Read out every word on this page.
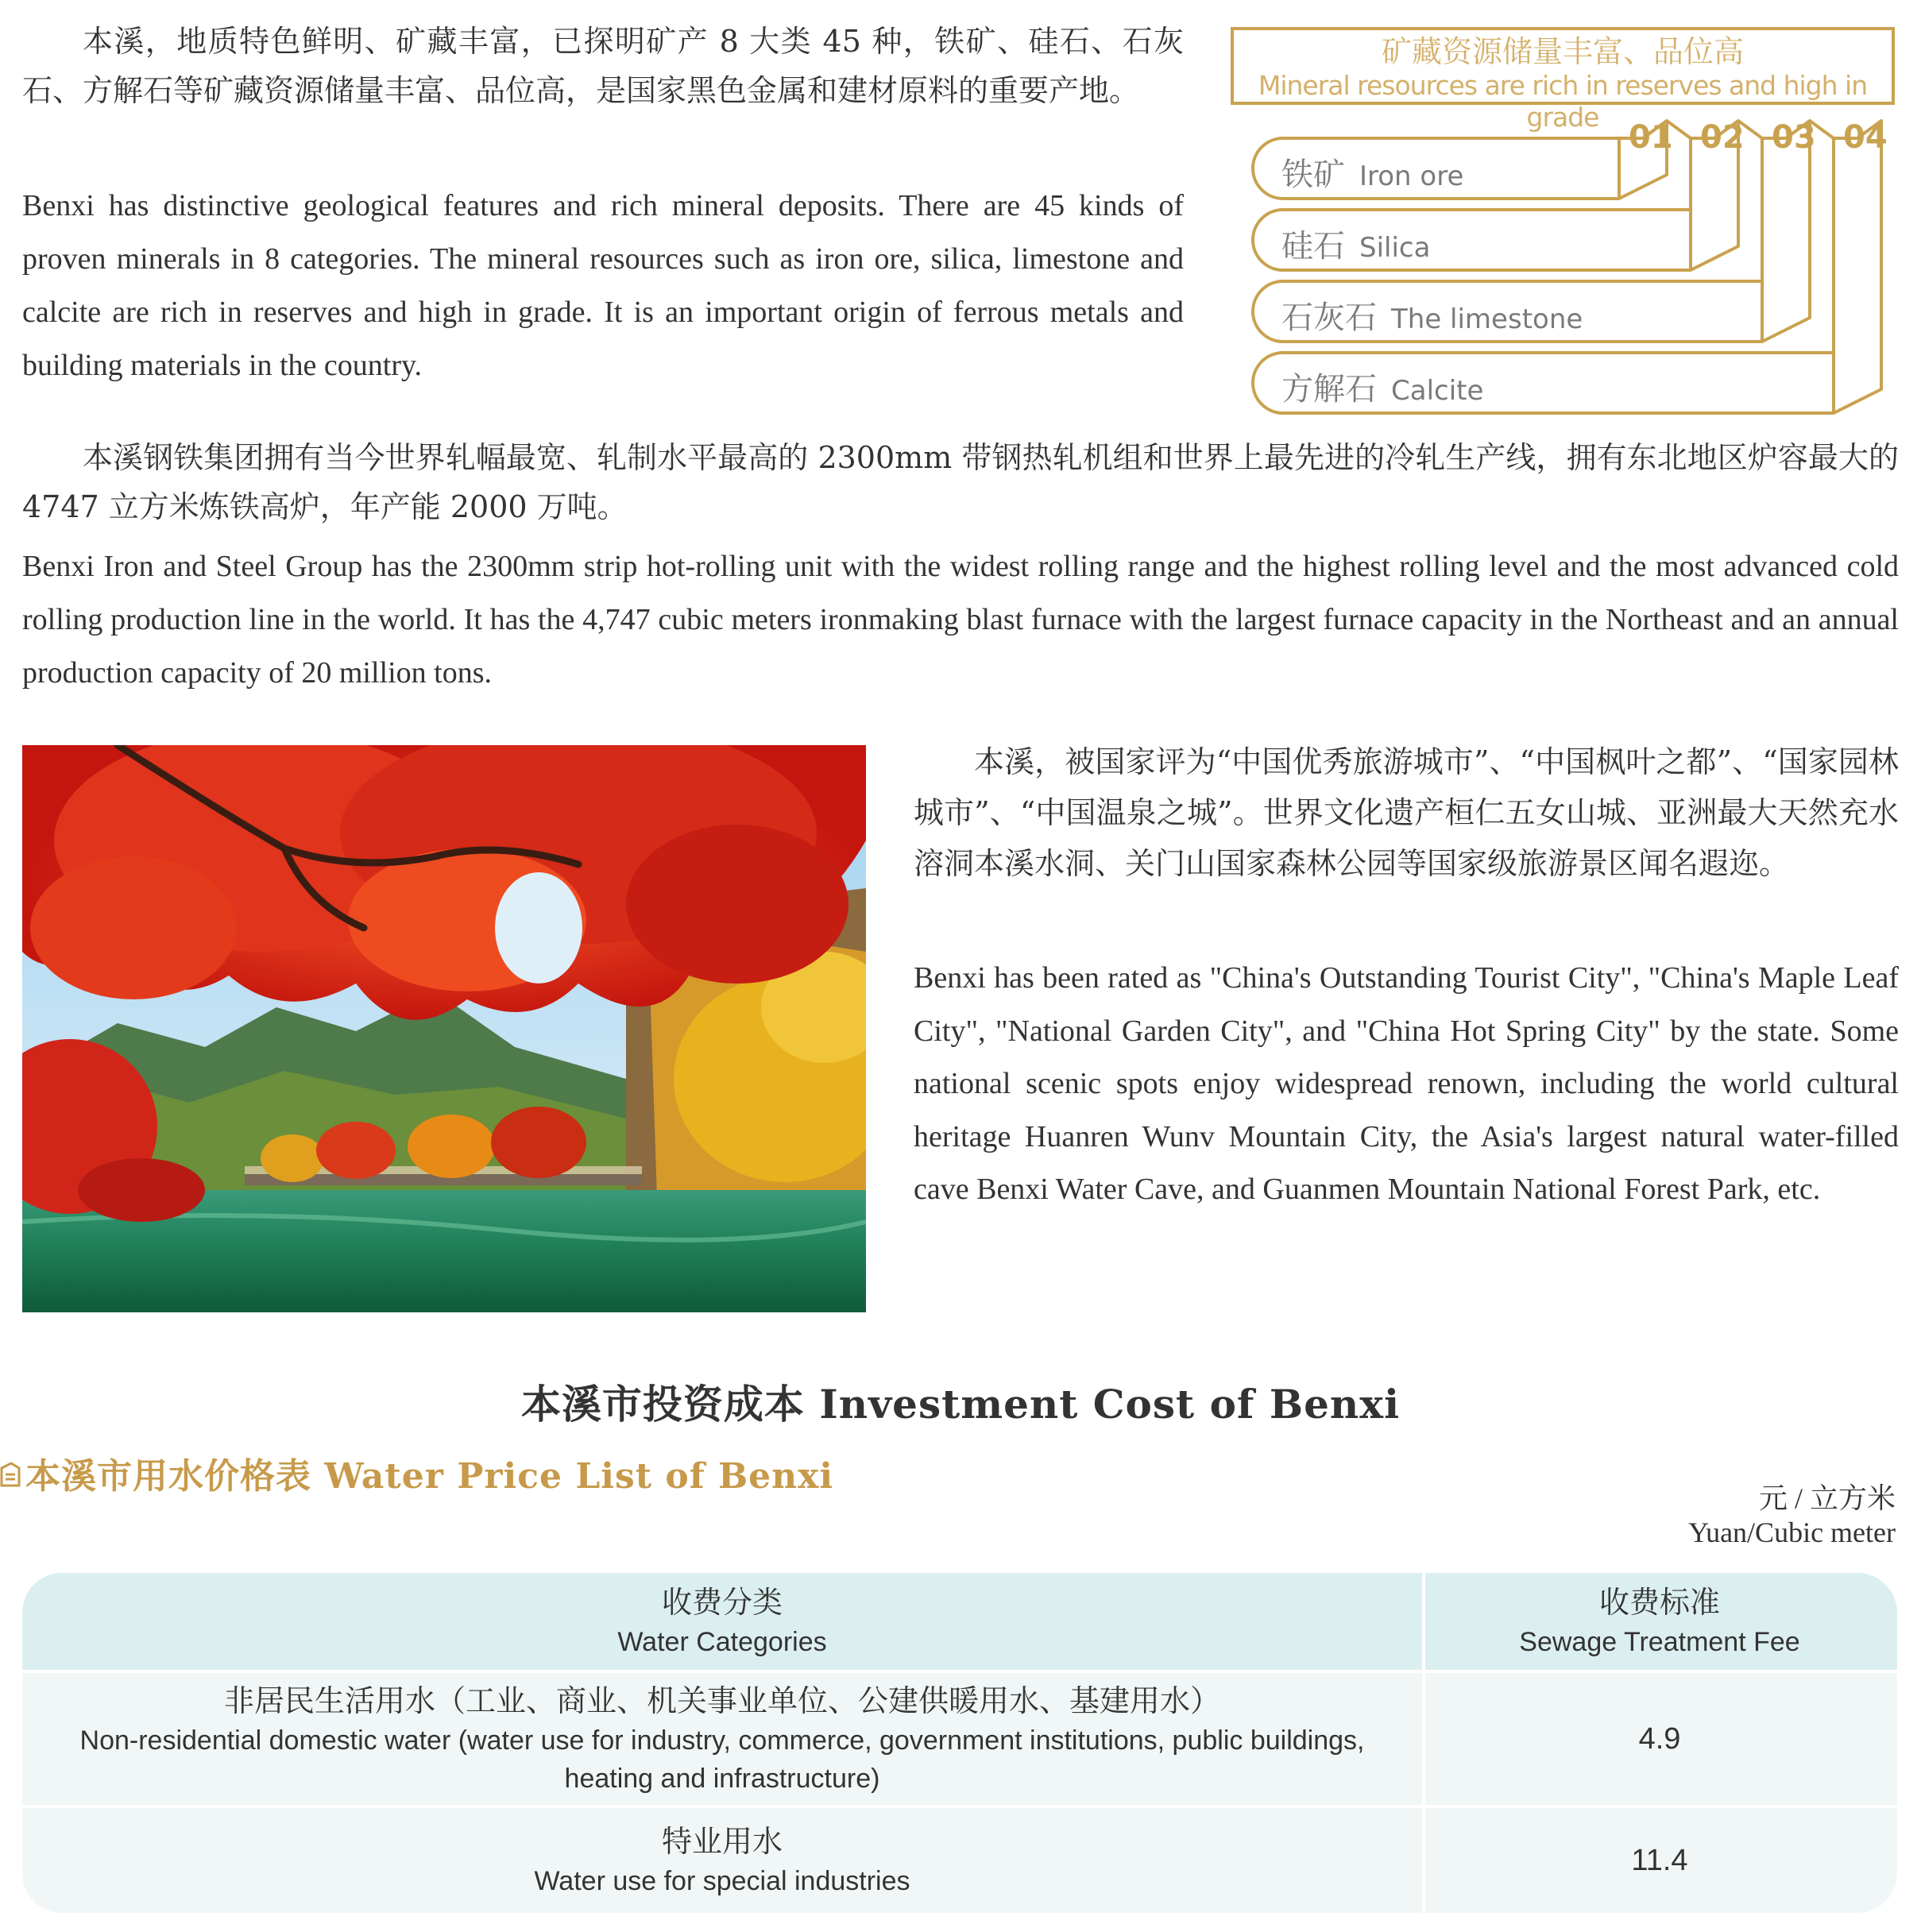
本溪，地质特色鲜明、矿藏丰富，已探明矿产 8 大类 45 种，铁矿、硅石、石灰石、方解石等矿藏资源储量丰富、品位高，是国家黑色金属和建材原料的重要产地。

Benxi has distinctive geological features and rich mineral deposits. There are 45 kinds of proven minerals in 8 categories. The mineral resources such as iron ore, silica, limestone and calcite are rich in reserves and high in grade. It is an important origin of ferrous metals and building materials in the country.

矿藏资源储量丰富、品位高
Mineral resources are rich in reserves and high in grade
01 02 03 04
铁矿 Iron ore
硅石 Silica
石灰石 The limestone
方解石 Calcite

本溪钢铁集团拥有当今世界轧幅最宽、轧制水平最高的 2300mm 带钢热轧机组和世界上最先进的冷轧生产线，拥有东北地区炉容最大的 4747 立方米炼铁高炉，年产能 2000 万吨。

Benxi Iron and Steel Group has the 2300mm strip hot-rolling unit with the widest rolling range and the highest rolling level and the most advanced cold rolling production line in the world. It has the 4,747 cubic meters ironmaking blast furnace with the largest furnace capacity in the Northeast and an annual production capacity of 20 million tons.

本溪，被国家评为“中国优秀旅游城市”、“中国枫叶之都”、“国家园林城市”、“中国温泉之城”。世界文化遗产桓仁五女山城、亚洲最大天然充水溶洞本溪水洞、关门山国家森林公园等国家级旅游景区闻名遐迩。

Benxi has been rated as "China's Outstanding Tourist City", "China's Maple Leaf City", "National Garden City", and "China Hot Spring City" by the state. Some national scenic spots enjoy widespread renown, including the world cultural heritage Huanren Wunv Mountain City, the Asia's largest natural water-filled cave Benxi Water Cave, and Guanmen Mountain National Forest Park, etc.

本溪市投资成本 Investment Cost of Benxi
本溪市用水价格表 Water Price List of Benxi
元 / 立方米
Yuan/Cubic meter
收费分类
Water Categories
收费标准
Sewage Treatment Fee
非居民生活用水（工业、商业、机关事业单位、公建供暖用水、基建用水）
Non-residential domestic water (water use for industry, commerce, government institutions, public buildings, heating and infrastructure)
4.9
特业用水
Water use for special industries
11.4
